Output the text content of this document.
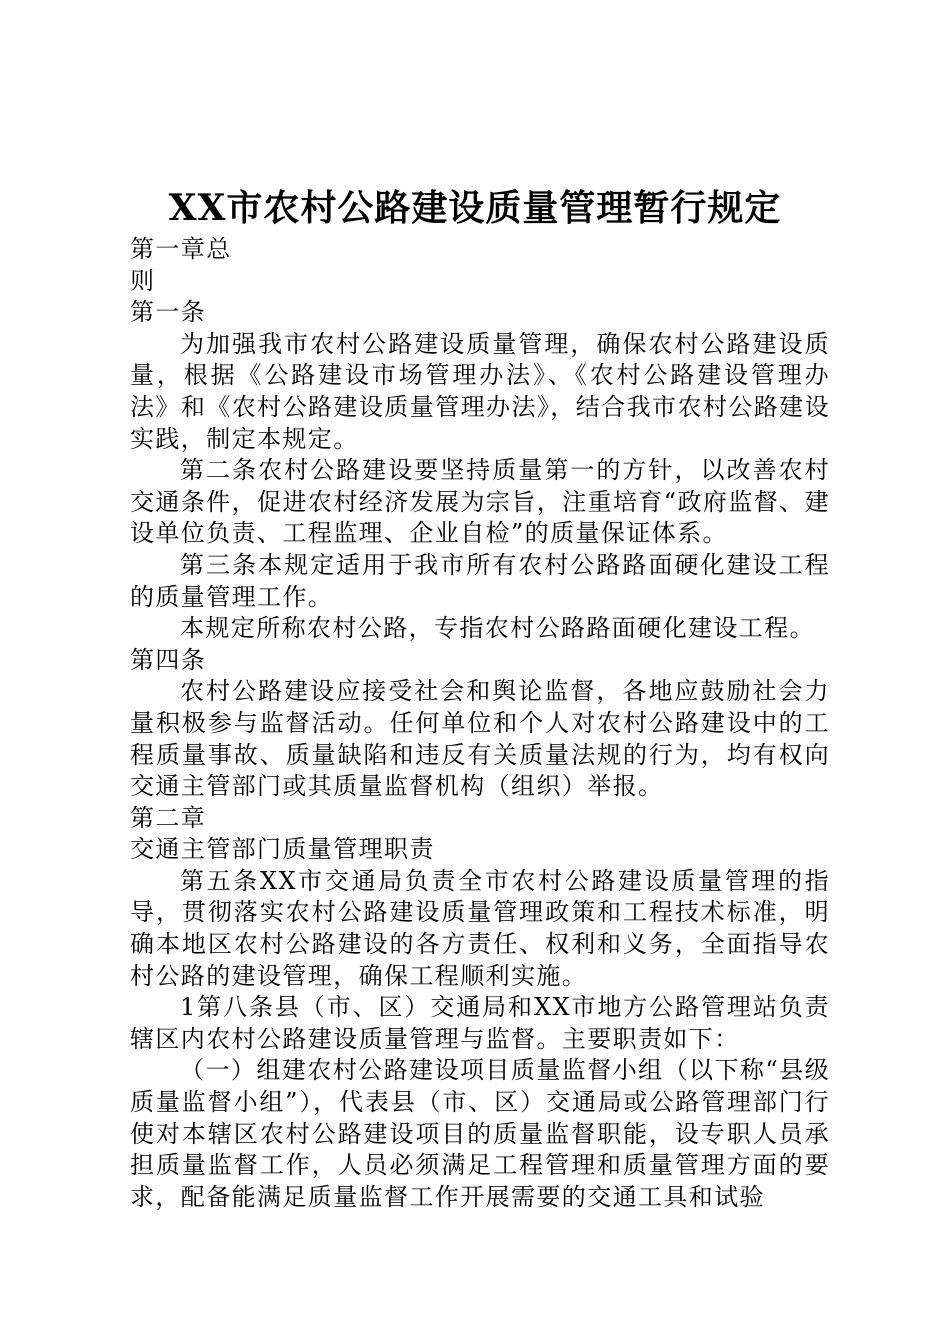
XX市农村公路建设质量管理暂行规定

第一章总

则

第一条

为加强我市农村公路建设质量管理，确保农村公路建设质量，根据《公路建设市场管理办法》、《农村公路建设管理办法》和《农村公路建设质量管理办法》，结合我市农村公路建设实践，制定本规定。

第二条农村公路建设要坚持质量第一的方针，以改善农村交通条件，促进农村经济发展为宗旨，注重培育“政府监督、建设单位负责、工程监理、企业自检”的质量保证体系。

第三条本规定适用于我市所有农村公路路面硬化建设工程的质量管理工作。

本规定所称农村公路，专指农村公路路面硬化建设工程。

第四条

农村公路建设应接受社会和舆论监督，各地应鼓励社会力量积极参与监督活动。任何单位和个人对农村公路建设中的工程质量事故、质量缺陷和违反有关质量法规的行为，均有权向交通主管部门或其质量监督机构（组织）举报。

第二章

交通主管部门质量管理职责

第五条XX市交通局负责全市农村公路建设质量管理的指导，贯彻落实农村公路建设质量管理政策和工程技术标准，明确本地区农村公路建设的各方责任、权利和义务，全面指导农村公路的建设管理，确保工程顺利实施。

1第八条县（市、区）交通局和XX市地方公路管理站负责辖区内农村公路建设质量管理与监督。主要职责如下：

（一）组建农村公路建设项目质量监督小组（以下称“县级质量监督小组”），代表县（市、区）交通局或公路管理部门行使对本辖区农村公路建设项目的质量监督职能，设专职人员承担质量监督工作，人员必须满足工程管理和质量管理方面的要求，配备能满足质量监督工作开展需要的交通工具和试验
